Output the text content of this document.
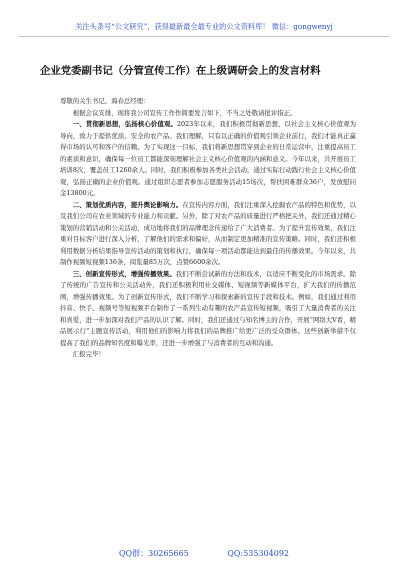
关注头条号“公文研究”，获得最新最全最专业的公文资料库！ 微信：gongwenyj
企业党委副书记（分管宣传工作）在上级调研会上的发言材料

尊敬的关生书记、海春总经理：

根据会议安排，现将我公司宣传工作作简要发言如下，不当之处敬请批评指正。

一、贯彻新思想，弘扬核心价值观。2023年以来，我们积极贯彻新思想，以社会主义核心价值观为导向，致力于提供优质、安全的农产品。我们理解，只有以正确的价值观引领企业前行，我们才能真正赢得市场的认可和客户的信赖。为了实现这一目标，我们将新思想贯穿到企业的日常运营中，注重提高员工的素质和意识，确保每一位员工都能深刻理解社会主义核心价值观的内涵和意义。今年以来，共开展员工培训8次，覆盖员工1260余人。同时，我们积极参加各类社会活动，通过实际行动践行社会主义核心价值观，弘扬正确的企业价值观。通过组织志愿者参加志愿服务活动15场次，帮扶困难群众36户，发放慰问金13800元。

二、策划优质内容，提升舆论影响力。在宣传内容方面，我们注重深入挖掘农产品的特色和优势，以及我们公司在农业领域的专业能力和贡献。另外，除了对农产品的质量进行严格把关外，我们还通过精心策划的营销活动和公关活动，成功地将我们的品牌理念传递给了广大消费者。为了提升宣传效果，我们注重对目标客户进行深入分析，了解他们的需求和偏好，从而制定更加精准的宣传策略。同时，我们还积极利用数据分析结果指导宣传活动的策划和执行，确保每一项活动都能达到最佳的传播效果。今年以来，共制作视频短视频136条，阅览量85万次，点赞6600余次。

三、创新宣传形式，增强传播效果。我们不断尝试新的方法和技术，以适应不断变化的市场需求。除了传统的广告宣传和公关活动外，我们还积极利用社交媒体、短视频等新媒体平台，扩大我们的传播范围，增强传播效果。为了创新宣传形式，我们不断学习和探索新的宣传手段和技术。例如，我们通过利用抖音、快手、视频号等短视频平台制作了一系列生动有趣的农产品宣传短视频，吸引了大量消费者的关注和喜爱，进一步加深对我们产品的认识了解。同时，我们还通过与知名博主的合作，开展“网络大V看，精品展示行”主题宣传活动，利用他们的影响力将我们的品牌推广给更广泛的受众群体。这些创新举措不仅提高了我们的品牌知名度和曝光率，还进一步增强了与消费者的互动和沟通。

汇报完毕！

QQ群：30265665	QQ:535304092
